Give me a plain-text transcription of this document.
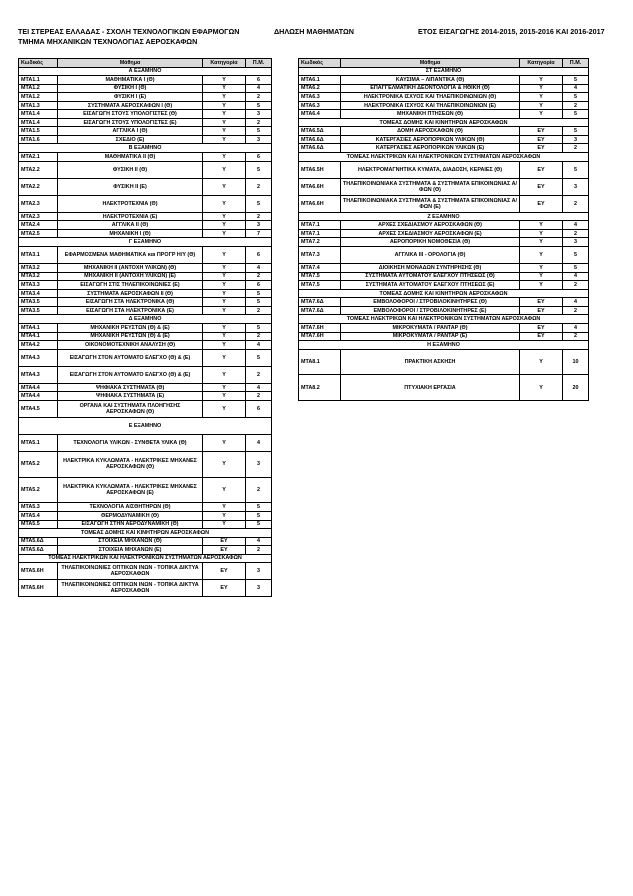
ΤΕΙ ΣΤΕΡΕΑΣ ΕΛΛΑΔΑΣ - ΣΧΟΛΗ ΤΕΧΝΟΛΟΓΙΚΩΝ ΕΦΑΡΜΟΓΩΝ
ΤΜΗΜΑ ΜΗΧΑΝΙΚΩΝ ΤΕΧΝΟΛΟΓΙΑΣ ΑΕΡΟΣΚΑΦΩΝ
ΔΗΛΩΣΗ ΜΑΘΗΜΑΤΩΝ	ΕΤΟΣ ΕΙΣΑΓΩΓΗΣ 2014-2015, 2015-2016 ΚΑΙ 2016-2017
Κωδικός	Μάθημα	Κατηγορία	Π.Μ.
Α ΕΞΑΜΗΝΟ			
ΜΤΑ1.1	ΜΑΘΗΜΑΤΙΚΑ Ι (Θ)	Υ	6
ΜΤΑ1.2	ΦΥΣΙΚΗ Ι (Θ)	Υ	4
ΜΤΑ1.2	ΦΥΣΙΚΗ Ι (Ε)	Υ	2
ΜΤΑ1.3	ΣΥΣΤΗΜΑΤΑ ΑΕΡΟΣΚΑΦΩΝ Ι (Θ)	Υ	5
ΜΤΑ1.4	ΕΙΣΑΓΩΓΗ ΣΤΟΥΣ ΥΠΟΛΟΓΙΣΤΕΣ (Θ)	Υ	3
ΜΤΑ1.4	ΕΙΣΑΓΩΓΗ ΣΤΟΥΣ ΥΠΟΛΟΓΙΣΤΕΣ (Ε)	Υ	2
ΜΤΑ1.5	ΑΓΓΛΙΚΑ Ι (Θ)	Υ	5
ΜΤΑ1.6	ΣΧΕΔΙΟ (Ε)	Υ	3
Β ΕΞΑΜΗΝΟ			
ΜΤΑ2.1	ΜΑΘΗΜΑΤΙΚΑ ΙΙ (Θ)	Υ	6
ΜΤΑ2.2	ΦΥΣΙΚΗ ΙΙ (Θ)	Υ	5
ΜΤΑ2.2	ΦΥΣΙΚΗ ΙΙ (Ε)	Υ	2
ΜΤΑ2.3	ΗΛΕΚΤΡΟΤΕΧΝΙΑ (Θ)	Υ	5
ΜΤΑ2.3	ΗΛΕΚΤΡΟΤΕΧΝΙΑ (Ε)	Υ	2
ΜΤΑ2.4	ΑΓΓΛΙΚΑ ΙΙ (Θ)	Υ	3
ΜΤΑ2.5	ΜΗΧΑΝΙΚΗ Ι (Θ)	Υ	7
Γ ΕΞΑΜΗΝΟ			
ΜΤΑ3.1	ΕΦΑΡΜΟΣΜΕΝΑ ΜΑΘΗΜΑΤΙΚΑ και ΠΡΟΓΡ Η/Υ (Θ)	Υ	6
ΜΤΑ3.2	ΜΗΧΑΝΙΚΗ ΙΙ (ΑΝΤΟΧΗ ΥΛΙΚΩΝ) (Θ)	Υ	4
ΜΤΑ3.2	ΜΗΧΑΝΙΚΗ ΙΙ (ΑΝΤΟΧΗ ΥΛΙΚΩΝ) (Ε)	Υ	2
ΜΤΑ3.3	ΕΙΣΑΓΩΓΗ ΣΤΙΣ ΤΗΛΕΠΙΚΟΙΝΩΝΙΕΣ (Ε)	Υ	6
ΜΤΑ3.4	ΣΥΣΤΗΜΑΤΑ ΑΕΡΟΣΚΑΦΩΝ ΙΙ (Θ)	Υ	5
ΜΤΑ3.5	ΕΙΣΑΓΩΓΗ ΣΤΑ ΗΛΕΚΤΡΟΝΙΚΑ (Θ)	Υ	5
ΜΤΑ3.5	ΕΙΣΑΓΩΓΗ ΣΤΑ ΗΛΕΚΤΡΟΝΙΚΑ (Ε)	Υ	2
Δ ΕΞΑΜΗΝΟ			
ΜΤΑ4.1	ΜΗΧΑΝΙΚΗ ΡΕΥΣΤΩΝ (Θ) & (Ε)	Υ	5
ΜΤΑ4.1	ΜΗΧΑΝΙΚΗ ΡΕΥΣΤΩΝ (Θ) & (Ε)	Υ	2
ΜΤΑ4.2	ΟΙΚΟΝΟΜΟΤΕΧΝΙΚΗ ΑΝΑΛΥΣΗ (Θ)	Υ	4
ΜΤΑ4.3	ΕΙΣΑΓΩΓΗ ΣΤΟΝ ΑΥΤΟΜΑΤΟ ΕΛΕΓΧΟ (Θ) & (Ε)	Υ	5
ΜΤΑ4.3	ΕΙΣΑΓΩΓΗ ΣΤΟΝ ΑΥΤΟΜΑΤΟ ΕΛΕΓΧΟ (Θ) & (Ε)	Υ	2
ΜΤΑ4.4	ΨΗΦΙΑΚΑ ΣΥΣΤΗΜΑΤΑ (Θ)	Υ	4
ΜΤΑ4.4	ΨΗΦΙΑΚΑ ΣΥΣΤΗΜΑΤΑ (Ε)	Υ	2
ΜΤΑ4.5	ΟΡΓΑΝΑ ΚΑΙ ΣΥΣΤΗΜΑΤΑ ΠΛΟΗΓΗΣΗΣ ΑΕΡΟΣΚΑΦΩΝ (Θ)	Υ	6
Ε ΕΞΑΜΗΝΟ			
ΜΤΑ5.1	ΤΕΧΝΟΛΟΓΙΑ ΥΛΙΚΩΝ - ΣΥΝΘΕΤΑ ΥΛΙΚΑ (Θ)	Υ	4
ΜΤΑ5.2	ΗΛΕΚΤΡΙΚΑ ΚΥΚΛΩΜΑΤΑ - ΗΛΕΚΤΡΙΚΕΣ ΜΗΧΑΝΕΣ ΑΕΡΟΣΚΑΦΩΝ (Θ)	Υ	3
ΜΤΑ5.2	ΗΛΕΚΤΡΙΚΑ ΚΥΚΛΩΜΑΤΑ - ΗΛΕΚΤΡΙΚΕΣ ΜΗΧΑΝΕΣ ΑΕΡΟΣΚΑΦΩΝ (Ε)	Υ	2
ΜΤΑ5.3	ΤΕΧΝΟΛΟΓΙΑ ΑΙΣΘΗΤΗΡΩΝ (Θ)	Υ	5
ΜΤΑ5.4	ΘΕΡΜΟΔΥΝΑΜΙΚΗ (Θ)	Υ	5
ΜΤΑ5.5	ΕΙΣΑΓΩΓΗ ΣΤΗΝ ΑΕΡΟΔΥΝΑΜΙΚΗ (Θ)	Υ	5
ΤΟΜΕΑΣ ΔΟΜΗΣ ΚΑΙ ΚΙΝΗΤΗΡΩΝ ΑΕΡΟΣΚΑΦΩΝ			
ΜΤΑ5.6Δ	ΣΤΟΙΧΕΙΑ ΜΗΧΑΝΩΝ (Θ)	ΕΥ	4
ΜΤΑ5.6Δ	ΣΤΟΙΧΕΙΑ ΜΗΧΑΝΩΝ (Ε)	ΕΥ	2
ΤΟΜΕΑΣ ΗΛΕΚΤΡΙΚΩΝ ΚΑΙ ΗΛΕΚΤΡΟΝΙΚΩΝ ΣΥΣΤΗΜΑΤΩΝ ΑΕΡΟΣΚΑΦΩΝ			
ΜΤΑ5.6Η	ΤΗΛΕΠΙΚΟΙΝΩΝΙΕΣ ΟΠΤΙΚΩΝ ΙΝΩΝ - ΤΟΠΙΚΑ ΔΙΚΤΥΑ ΑΕΡΟΣΚΑΦΩΝ	ΕΥ	3
ΜΤΑ5.6Η	ΤΗΛΕΠΙΚΟΙΝΩΝΙΕΣ ΟΠΤΙΚΩΝ ΙΝΩΝ - ΤΟΠΙΚΑ ΔΙΚΤΥΑ ΑΕΡΟΣΚΑΦΩΝ	ΕΥ	3
Κωδικός	Μάθημα	Κατηγορία	Π.Μ.
ΣΤ ΕΞΑΜΗΝΟ			
ΜΤΑ6.1	ΚΑΥΣΙΜΑ – ΛΙΠΑΝΤΙΚΑ (Θ)	Υ	5
ΜΤΑ6.2	ΕΠΑΓΓΕΛΜΑΤΙΚΗ ΔΕΟΝΤΟΛΟΓΙΑ & ΗΘΙΚΗ (Θ)	Υ	4
ΜΤΑ6.3	ΗΛΕΚΤΡΟΝΙΚΑ ΙΣΧΥΟΣ ΚΑΙ ΤΗΛΕΠΙΚΟΙΝΩΝΙΩΝ (Θ)	Υ	5
ΜΤΑ6.3	ΗΛΕΚΤΡΟΝΙΚΑ ΙΣΧΥΟΣ ΚΑΙ ΤΗΛΕΠΙΚΟΙΝΩΝΙΩΝ (Ε)	Υ	2
ΜΤΑ6.4	ΜΗΧΑΝΙΚΗ ΠΤΗΣΕΩΝ (Θ)	Υ	5
ΤΟΜΕΑΣ ΔΟΜΗΣ ΚΑΙ ΚΙΝΗΤΗΡΩΝ ΑΕΡΟΣΚΑΦΩΝ			
ΜΤΑ6.5Δ	ΔΟΜΗ ΑΕΡΟΣΚΑΦΩΝ (Θ)	ΕΥ	5
ΜΤΑ6.6Δ	ΚΑΤΕΡΓΑΣΙΕΣ ΑΕΡΟΠΟΡΙΚΩΝ ΥΛΙΚΩΝ (Θ)	ΕΥ	3
ΜΤΑ6.6Δ	ΚΑΤΕΡΓΑΣΙΕΣ ΑΕΡΟΠΟΡΙΚΩΝ ΥΛΙΚΩΝ (Ε)	ΕΥ	2
ΤΟΜΕΑΣ ΗΛΕΚΤΡΙΚΩΝ ΚΑΙ ΗΛΕΚΤΡΟΝΙΚΩΝ ΣΥΣΤΗΜΑΤΩΝ ΑΕΡΟΣΚΑΦΩΝ			
ΜΤΑ6.5Η	ΗΛΕΚΤΡΟΜΑΓΝΗΤΙΚΑ ΚΥΜΑΤΑ, ΔΙΑΔΟΣΗ, ΚΕΡΑΙΕΣ (Θ)	ΕΥ	5
ΜΤΑ6.6Η	ΤΗΛΕΠΙΚΟΙΝΩΝΙΑΚΑ ΣΥΣΤΗΜΑΤΑ & ΣΥΣΤΗΜΑΤΑ ΕΠΙΚΟΙΝΩΝΙΑΣ Α/ΦΩΝ (Θ)	ΕΥ	3
ΜΤΑ6.6Η	ΤΗΛΕΠΙΚΟΙΝΩΝΙΑΚΑ ΣΥΣΤΗΜΑΤΑ & ΣΥΣΤΗΜΑΤΑ ΕΠΙΚΟΙΝΩΝΙΑΣ Α/ΦΩΝ (Ε)	ΕΥ	2
Ζ ΕΞΑΜΗΝΟ			
ΜΤΑ7.1	ΑΡΧΕΣ ΣΧΕΔΙΑΣΜΟΥ ΑΕΡΟΣΚΑΦΩΝ (Θ)	Υ	4
ΜΤΑ7.1	ΑΡΧΕΣ ΣΧΕΔΙΑΣΜΟΥ ΑΕΡΟΣΚΑΦΩΝ (Ε)	Υ	2
ΜΤΑ7.2	ΑΕΡΟΠΟΡΙΚΗ ΝΟΜΟΘΕΣΙΑ (Θ)	Υ	3
ΜΤΑ7.3	ΑΓΓΛΙΚΑ ΙΙΙ - ΟΡΟΛΟΓΙΑ (Θ)	Υ	5
ΜΤΑ7.4	ΔΙΟΙΚΗΣΗ ΜΟΝΑΔΩΝ ΣΥΝΤΗΡΗΣΗΣ (Θ)	Υ	5
ΜΤΑ7.5	ΣΥΣΤΗΜΑΤΑ ΑΥΤΟΜΑΤΟΥ ΕΛΕΓΧΟΥ ΠΤΗΣΕΩΣ (Θ)	Υ	4
ΜΤΑ7.5	ΣΥΣΤΗΜΑΤΑ ΑΥΤΟΜΑΤΟΥ ΕΛΕΓΧΟΥ ΠΤΗΣΕΩΣ (Ε)	Υ	2
ΤΟΜΕΑΣ ΔΟΜΗΣ ΚΑΙ ΚΙΝΗΤΗΡΩΝ ΑΕΡΟΣΚΑΦΩΝ			
ΜΤΑ7.6Δ	ΕΜΒΟΛΟΦΟΡΟΙ / ΣΤΡΟΒΙΛΟΚΙΝΗΤΗΡΕΣ (Θ)	ΕΥ	4
ΜΤΑ7.6Δ	ΕΜΒΟΛΟΦΟΡΟΙ / ΣΤΡΟΒΙΛΟΚΙΝΗΤΗΡΕΣ (Ε)	ΕΥ	2
ΤΟΜΕΑΣ ΗΛΕΚΤΡΙΚΩΝ ΚΑΙ ΗΛΕΚΤΡΟΝΙΚΩΝ ΣΥΣΤΗΜΑΤΩΝ ΑΕΡΟΣΚΑΦΩΝ			
ΜΤΑ7.6Η	ΜΙΚΡΟΚΥΜΑΤΑ / ΡΑΝΤΑΡ (Θ)	ΕΥ	4
ΜΤΑ7.6Η	ΜΙΚΡΟΚΥΜΑΤΑ / ΡΑΝΤΑΡ (Ε)	ΕΥ	2
Η ΕΞΑΜΗΝΟ			
ΜΤΑ8.1	ΠΡΑΚΤΙΚΗ ΑΣΚΗΣΗ	Υ	10
ΜΤΑ8.2	ΠΤΥΧΙΑΚΗ ΕΡΓΑΣΙΑ	Υ	20
